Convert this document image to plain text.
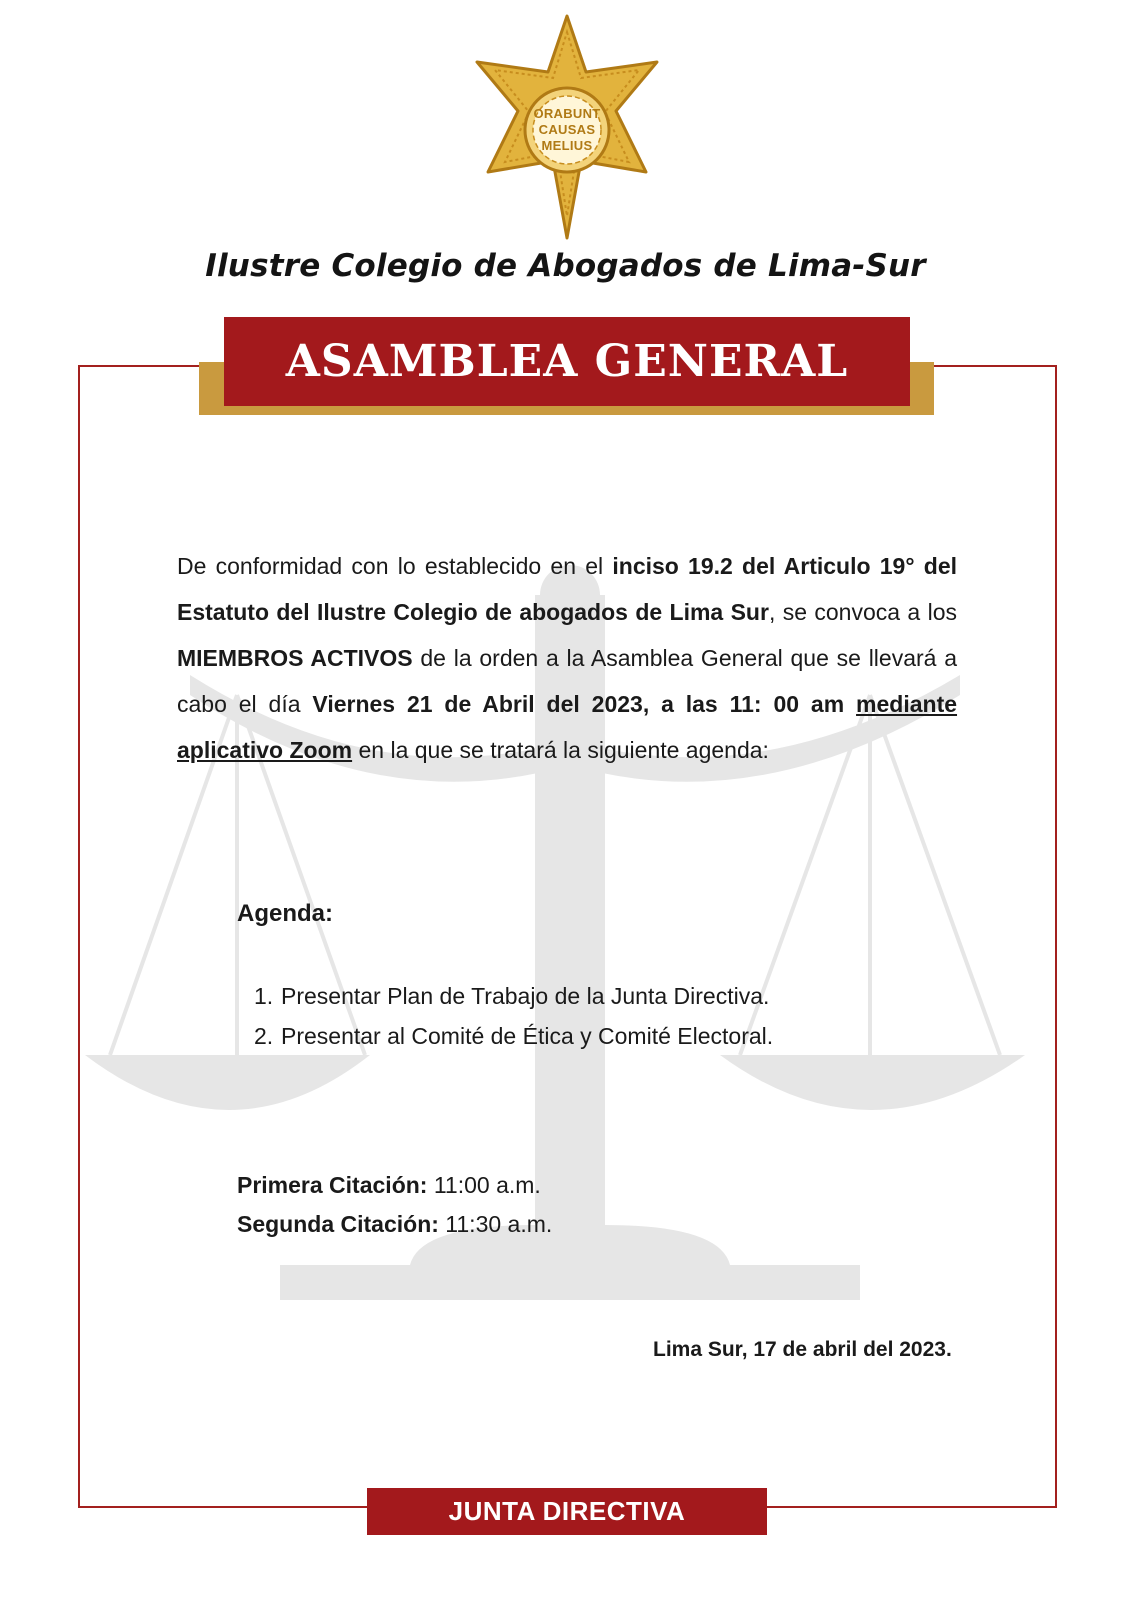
ORABUNT
CAUSAS
MELIUS
Ilustre Colegio de Abogados de Lima-Sur
ASAMBLEA GENERAL
De conformidad con lo establecido en el inciso 19.2 del Articulo 19° del Estatuto del Ilustre Colegio de abogados de Lima Sur, se convoca a los MIEMBROS ACTIVOS de la orden a la Asamblea General que se llevará a cabo el día Viernes 21 de Abril del 2023, a las 11: 00 am mediante aplicativo Zoom en la que se tratará la siguiente agenda:
Agenda:
1. Presentar Plan de Trabajo de la Junta Directiva.
2. Presentar al Comité de Ética y Comité Electoral.
Primera Citación: 11:00 a.m.
Segunda Citación: 11:30 a.m.
Lima Sur, 17 de abril del 2023.
JUNTA DIRECTIVA
